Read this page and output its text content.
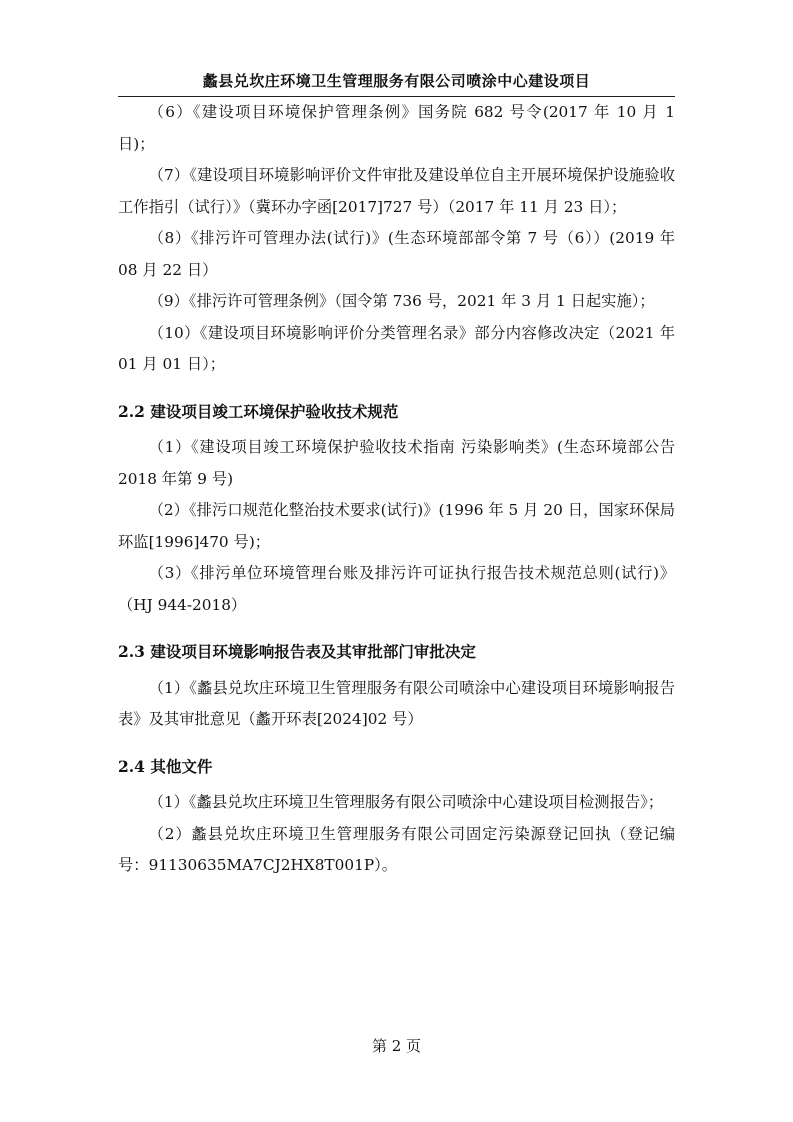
蠡县兑坎庄环境卫生管理服务有限公司喷涂中心建设项目

（6）《建设项目环境保护管理条例》国务院 682 号令(2017 年 10 月 1 日)；

（7）《建设项目环境影响评价文件审批及建设单位自主开展环境保护设施验收工作指引（试行）》（冀环办字函[2017]727 号）（2017 年 11 月 23 日）；

（8）《排污许可管理办法(试行)》(生态环境部部令第 7 号（6））(2019 年 08 月 22 日）

（9）《排污许可管理条例》（国令第 736 号，2021 年 3 月 1 日起实施）；

（10）《建设项目环境影响评价分类管理名录》部分内容修改决定（2021 年 01 月 01 日）；

2.2 建设项目竣工环境保护验收技术规范

（1）《建设项目竣工环境保护验收技术指南 污染影响类》(生态环境部公告 2018 年第 9 号)

（2）《排污口规范化整治技术要求(试行)》(1996 年 5 月 20 日，国家环保局环监[1996]470 号)；

（3）《排污单位环境管理台账及排污许可证执行报告技术规范总则(试行)》（HJ 944-2018）

2.3 建设项目环境影响报告表及其审批部门审批决定

（1）《蠡县兑坎庄环境卫生管理服务有限公司喷涂中心建设项目环境影响报告表》及其审批意见（蠡开环表[2024]02 号）

2.4 其他文件

（1）《蠡县兑坎庄环境卫生管理服务有限公司喷涂中心建设项目检测报告》；

（2）蠡县兑坎庄环境卫生管理服务有限公司固定污染源登记回执（登记编号：91130635MA7CJ2HX8T001P）。

第 2 页
